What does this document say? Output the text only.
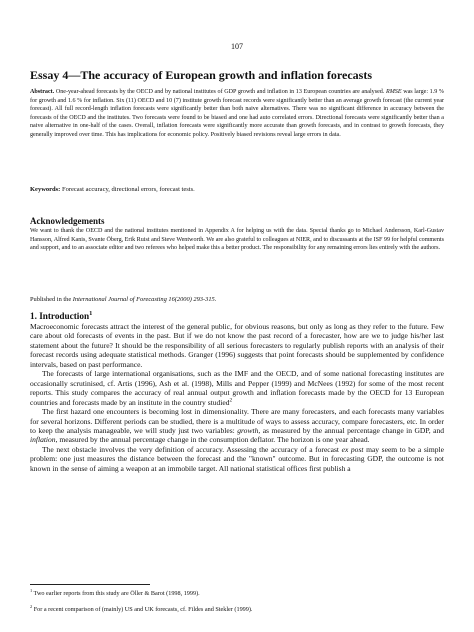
107
Essay 4—The accuracy of European growth and inflation forecasts
Abstract. One-year-ahead forecasts by the OECD and by national institutes of GDP growth and inflation in 13 European countries are analysed. RMSE was large: 1.9 % for growth and 1.6 % for inflation. Six (11) OECD and 10 (7) institute growth forecast records were significantly better than an average growth forecast (the current year forecast). All full record-length inflation forecasts were significantly better than both naive alternatives. There was no significant difference in accuracy between the forecasts of the OECD and the institutes. Two forecasts were found to be biased and one had auto correlated errors. Directional forecasts were significantly better than a naive alternative in one-half of the cases. Overall, inflation forecasts were significantly more accurate than growth forecasts, and in contrast to growth forecasts, they generally improved over time. This has implications for economic policy. Positively biased revisions reveal large errors in data.
Keywords: Forecast accuracy, directional errors, forecast tests.
Acknowledgements
We want to thank the OECD and the national institutes mentioned in Appendix A for helping us with the data. Special thanks go to Michael Andersson, Karl-Gustav Hansson, Alfred Kanis, Svante Öberg, Erik Ruist and Steve Wentworth. We are also grateful to colleagues at NIER, and to discussants at the ISF 99 for helpful comments and support, and to an associate editor and two referees who helped make this a better product. The responsibility for any remaining errors lies entirely with the authors.
Published in the International Journal of Forecasting 16(2000) 293-315.
1. Introduction$^1$

Macroeconomic forecasts attract the interest of the general public, for obvious reasons, but only as long as they refer to the future. Few care about old forecasts of events in the past. But if we do not know the past record of a forecaster, how are we to judge his/her last statement about the future? It should be the responsibility of all serious forecasters to regularly publish reports with an analysis of their forecast records using adequate statistical methods. Granger (1996) suggests that point forecasts should be supplemented by confidence intervals, based on past performance.

The forecasts of large international organisations, such as the IMF and the OECD, and of some national forecasting institutes are occasionally scrutinised, cf. Artis (1996), Ash et al. (1998), Mills and Pepper (1999) and McNees (1992) for some of the most recent reports. This study compares the accuracy of real annual output growth and inflation forecasts made by the OECD for 13 European countries and forecasts made by an institute in the country studied$^2$

The first hazard one encounters is becoming lost in dimensionality. There are many forecasters, and each forecasts many variables for several horizons. Different periods can be studied, there is a multitude of ways to assess accuracy, compare forecasters, etc. In order to keep the analysis manageable, we will study just two variables: growth, as measured by the annual percentage change in GDP, and inflation, measured by the annual percentage change in the consumption deflator. The horizon is one year ahead.

The next obstacle involves the very definition of accuracy. Assessing the accuracy of a forecast ex post may seem to be a simple problem: one just measures the distance between the forecast and the "known" outcome. But in forecasting GDP, the outcome is not known in the sense of aiming a weapon at an immobile target. All national statistical offices first publish a

$^1$ Two earlier reports from this study are Öller & Barot (1998, 1999).
$^2$ For a recent comparison of (mainly) US and UK forecasts, cf. Fildes and Stekler (1999).
